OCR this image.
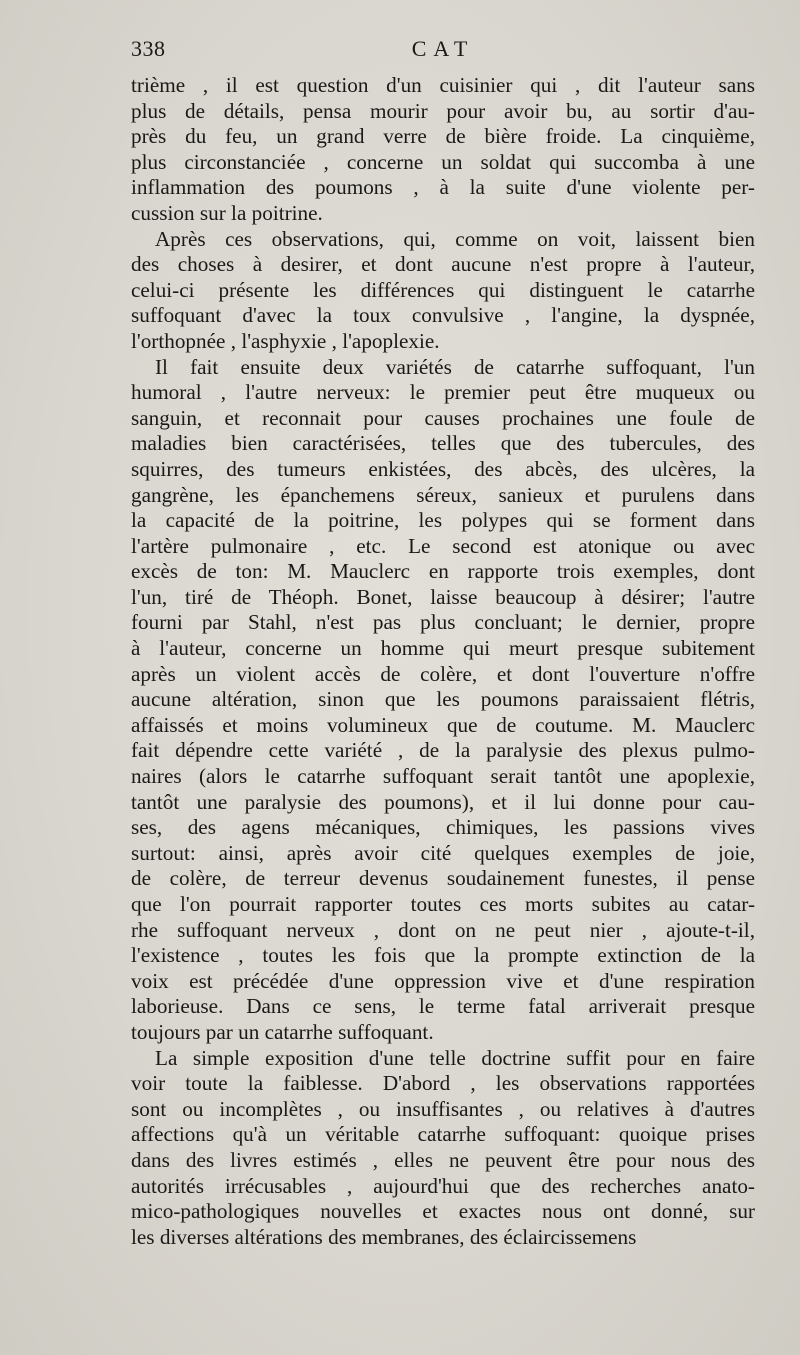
338	CAT
trième , il est question d'un cuisinier qui , dit l'auteur sans
plus de détails, pensa mourir pour avoir bu, au sortir d'au-
près du feu, un grand verre de bière froide. La cinquième,
plus circonstanciée , concerne un soldat qui succomba à une
inflammation des poumons , à la suite d'une violente per-
cussion sur la poitrine.
Après ces observations, qui, comme on voit, laissent bien
des choses à desirer, et dont aucune n'est propre à l'auteur,
celui-ci présente les différences qui distinguent le catarrhe
suffoquant d'avec la toux convulsive , l'angine, la dyspnée,
l'orthopnée , l'asphyxie , l'apoplexie.
Il fait ensuite deux variétés de catarrhe suffoquant, l'un
humoral , l'autre nerveux: le premier peut être muqueux ou
sanguin, et reconnait pour causes prochaines une foule de
maladies bien caractérisées, telles que des tubercules, des
squirres, des tumeurs enkistées, des abcès, des ulcères, la
gangrène, les épanchemens séreux, sanieux et purulens dans
la capacité de la poitrine, les polypes qui se forment dans
l'artère pulmonaire , etc. Le second est atonique ou avec
excès de ton: M. Mauclerc en rapporte trois exemples, dont
l'un, tiré de Théoph. Bonet, laisse beaucoup à désirer; l'autre
fourni par Stahl, n'est pas plus concluant; le dernier, propre
à l'auteur, concerne un homme qui meurt presque subitement
après un violent accès de colère, et dont l'ouverture n'offre
aucune altération, sinon que les poumons paraissaient flétris,
affaissés et moins volumineux que de coutume. M. Mauclerc
fait dépendre cette variété , de la paralysie des plexus pulmo-
naires (alors le catarrhe suffoquant serait tantôt une apoplexie,
tantôt une paralysie des poumons), et il lui donne pour cau-
ses, des agens mécaniques, chimiques, les passions vives
surtout: ainsi, après avoir cité quelques exemples de joie,
de colère, de terreur devenus soudainement funestes, il pense
que l'on pourrait rapporter toutes ces morts subites au catar-
rhe suffoquant nerveux , dont on ne peut nier , ajoute-t-il,
l'existence , toutes les fois que la prompte extinction de la
voix est précédée d'une oppression vive et d'une respiration
laborieuse. Dans ce sens, le terme fatal arriverait presque
toujours par un catarrhe suffoquant.
La simple exposition d'une telle doctrine suffit pour en faire
voir toute la faiblesse. D'abord , les observations rapportées
sont ou incomplètes , ou insuffisantes , ou relatives à d'autres
affections qu'à un véritable catarrhe suffoquant: quoique prises
dans des livres estimés , elles ne peuvent être pour nous des
autorités irrécusables , aujourd'hui que des recherches anato-
mico-pathologiques nouvelles et exactes nous ont donné, sur
les diverses altérations des membranes, des éclaircissemens
